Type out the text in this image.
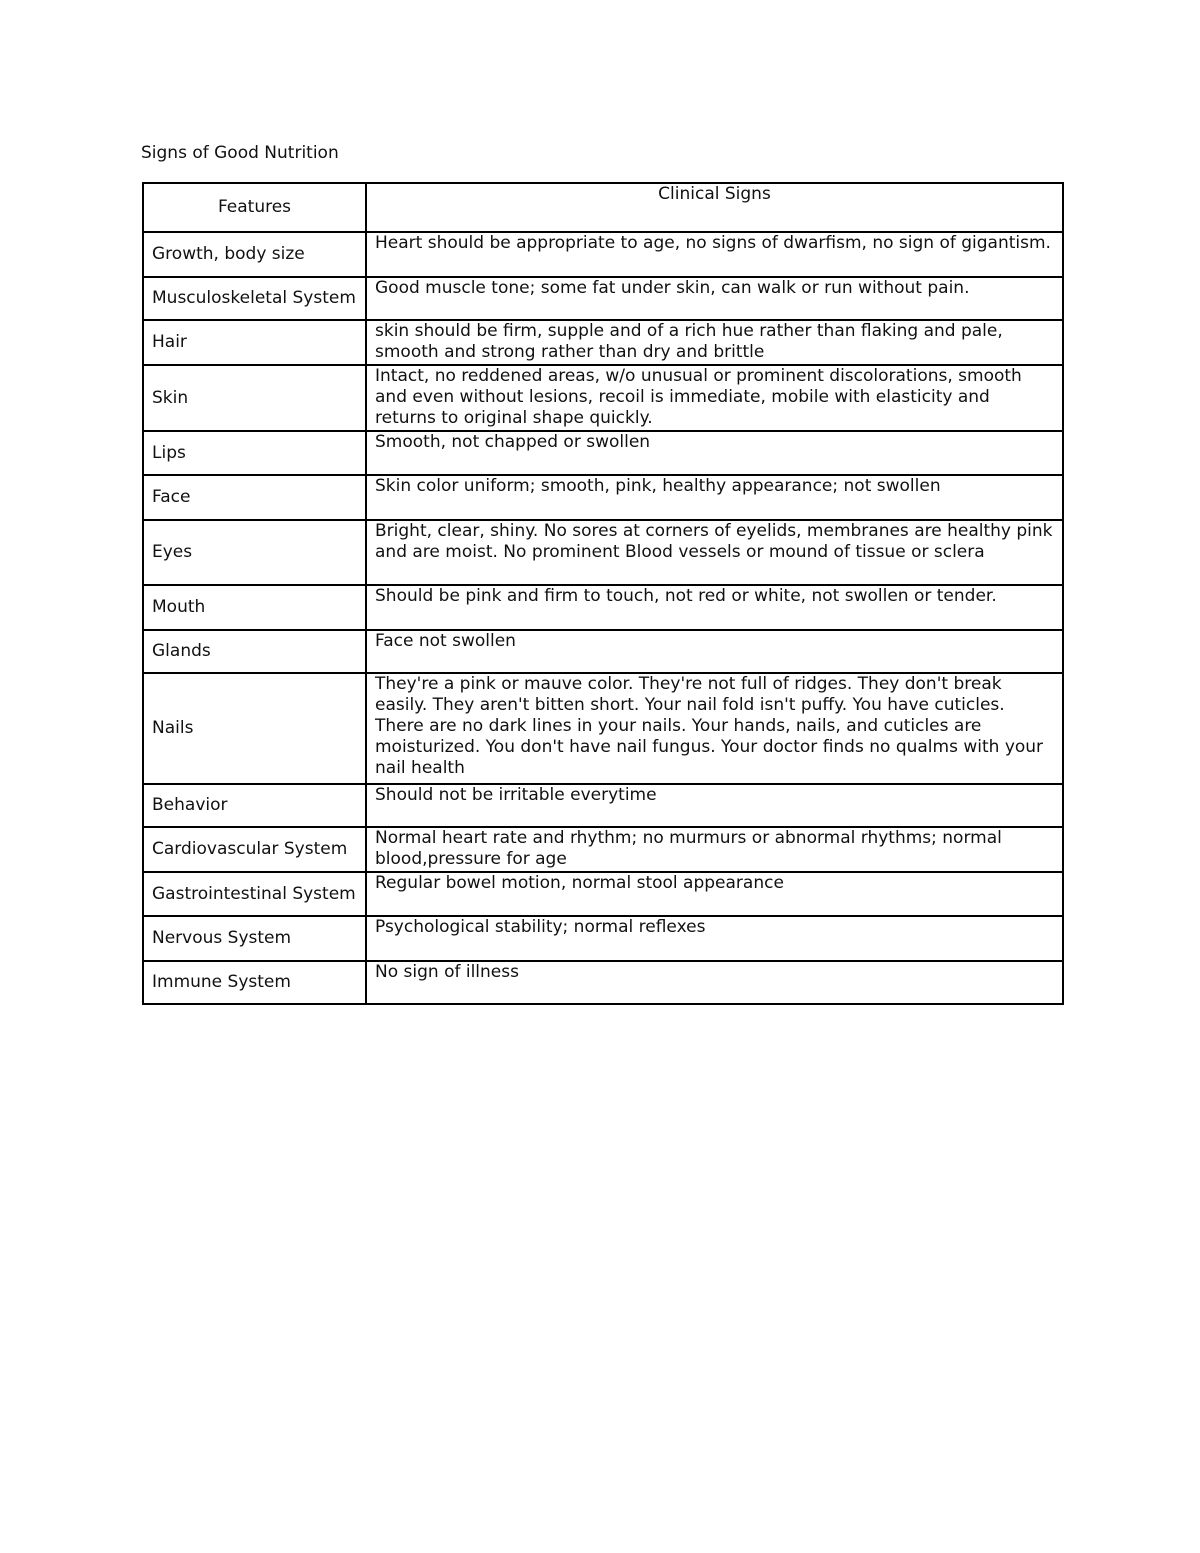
Signs of Good Nutrition
Features	Clinical Signs
Growth, body size	Heart should be appropriate to age, no signs of dwarfism, no sign of gigantism.
Musculoskeletal System	Good muscle tone; some fat under skin, can walk or run without pain.
Hair	skin should be firm, supple and of a rich hue rather than flaking and pale, smooth and strong rather than dry and brittle
Skin	Intact, no reddened areas, w/o unusual or prominent discolorations, smooth and even without lesions, recoil is immediate, mobile with elasticity and returns to original shape quickly.
Lips	Smooth, not chapped or swollen
Face	Skin color uniform; smooth, pink, healthy appearance; not swollen
Eyes	Bright, clear, shiny. No sores at corners of eyelids, membranes are healthy pink and are moist. No prominent Blood vessels or mound of tissue or sclera
Mouth	Should be pink and firm to touch, not red or white, not swollen or tender.
Glands	Face not swollen
Nails	They're a pink or mauve color. They're not full of ridges. They don't break easily. They aren't bitten short. Your nail fold isn't puffy. You have cuticles. There are no dark lines in your nails. Your hands, nails, and cuticles are moisturized. You don't have nail fungus. Your doctor finds no qualms with your nail health
Behavior	Should not be irritable everytime
Cardiovascular System	Normal heart rate and rhythm; no murmurs or abnormal rhythms; normal blood,pressure for age
Gastrointestinal System	Regular bowel motion, normal stool appearance
Nervous System	Psychological stability; normal reflexes
Immune System	No sign of illness
